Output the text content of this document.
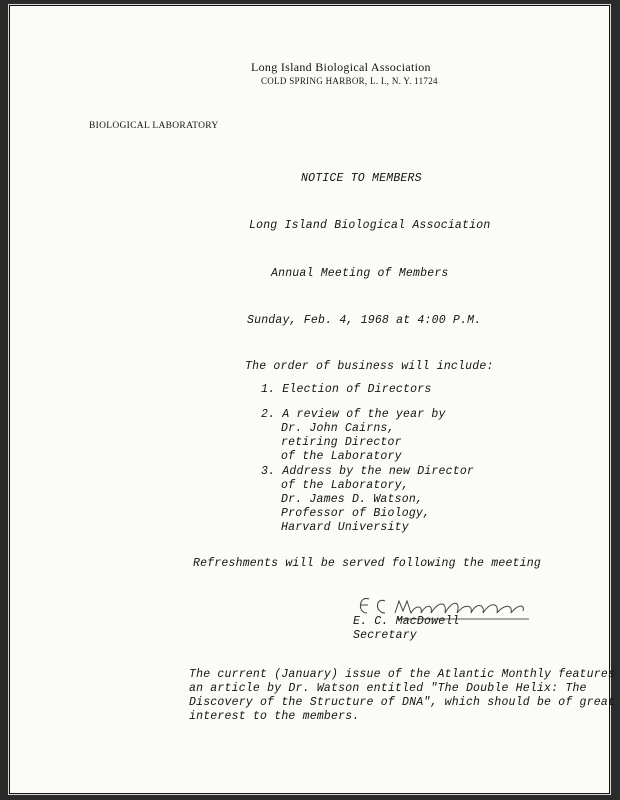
Long Island Biological Association
COLD SPRING HARBOR, L. I., N. Y. 11724
BIOLOGICAL LABORATORY
NOTICE TO MEMBERS
Long Island Biological Association
Annual Meeting of Members
Sunday, Feb. 4, 1968 at 4:00 P.M.
The order of business will include:
1. Election of Directors
2. A review of the year by
Dr. John Cairns,
retiring Director
of the Laboratory
3. Address by the new Director
of the Laboratory,
Dr. James D. Watson,
Professor of Biology,
Harvard University
Refreshments will be served following the meeting
E. C. MacDowell
Secretary
The current (January) issue of the Atlantic Monthly features
an article by Dr. Watson entitled "The Double Helix: The
Discovery of the Structure of DNA", which should be of great
interest to the members.
